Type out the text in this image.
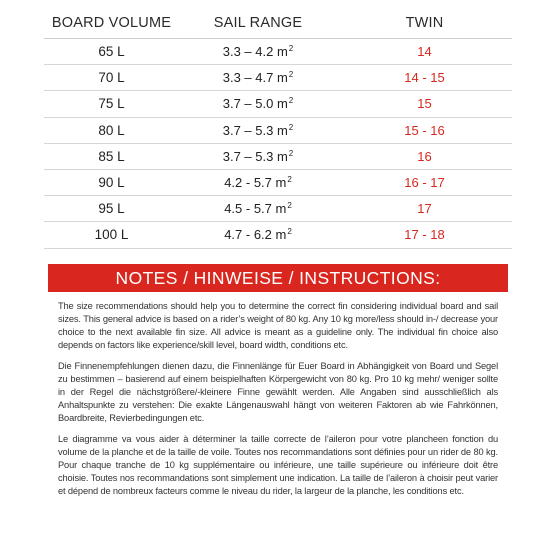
BOARD VOLUME	SAIL RANGE	TWIN
65 L	3.3 – 4.2 $m^2$	14
70 L	3.3 – 4.7 $m^2$	14 - 15
75 L	3.7 – 5.0 $m^2$	15
80 L	3.7 – 5.3 $m^2$	15 - 16
85 L	3.7 – 5.3 $m^2$	16
90 L	4.2 - 5.7 $m^2$	16 - 17
95 L	4.5 - 5.7 $m^2$	17
100 L	4.7 - 6.2 $m^2$	17 - 18
NOTES / HINWEISE / INSTRUCTIONS:

The size recommendations should help you to determine the correct fin considering individual board and sail sizes. This general advice is based on a rider’s weight of 80 kg. Any 10 kg more/less should in-/ decrease your choice to the next available fin size. All advice is meant as a guideline only. The individual fin choice also depends on factors like experience/skill level, board width, conditions etc.

Die Finnenempfehlungen dienen dazu, die Finnenlänge für Euer Board in Abhängigkeit von Board und Segel zu bestimmen – basierend auf einem beispielhaften Körpergewicht von 80 kg. Pro 10 kg mehr/ weniger sollte in der Regel die nächstgrößere/-kleinere Finne gewählt werden. Alle Angaben sind ausschließlich als Anhaltspunkte zu verstehen: Die exakte Längenauswahl hängt von weiteren Faktoren ab wie Fahrkönnen, Boardbreite, Revierbedingungen etc.

Le diagramme va vous aider à déterminer la taille correcte de l’aileron pour votre plancheen fonction du volume de la planche et de la taille de voile. Toutes nos recommandations sont définies pour un rider de 80 kg. Pour chaque tranche de 10 kg supplémentaire ou inférieure, une taille supérieure ou inférieure doit être choisie. Toutes nos recommandations sont simplement une indication. La taille de l’aileron à choisir peut varier et dépend de nombreux facteurs comme le niveau du rider, la largeur de la planche, les conditions etc.
